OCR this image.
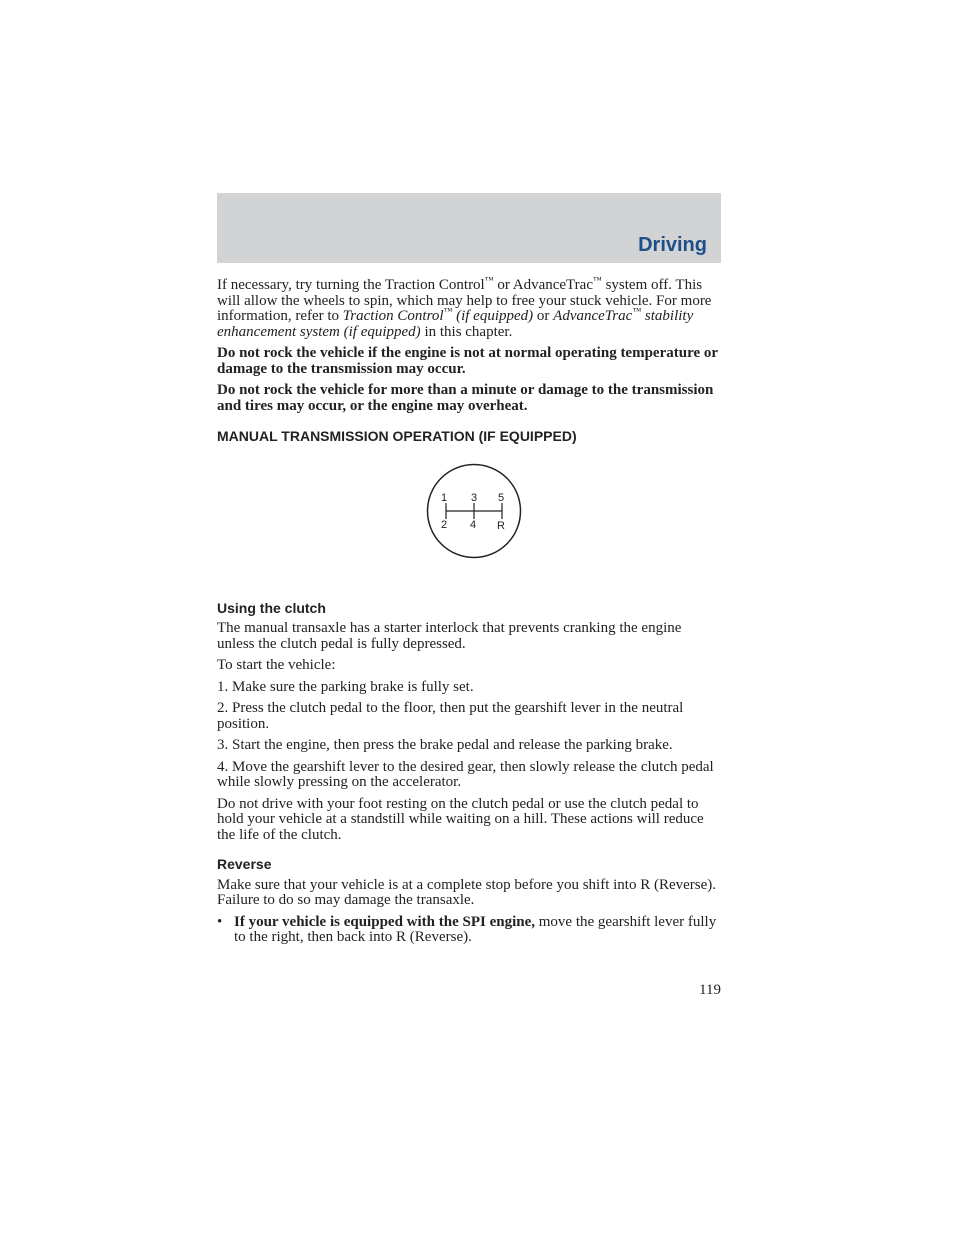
Driving

If necessary, try turning the Traction Control™ or AdvanceTrac™ system off. This will allow the wheels to spin, which may help to free your stuck vehicle. For more information, refer to Traction Control™ (if equipped) or AdvanceTrac™ stability enhancement system (if equipped) in this chapter.

Do not rock the vehicle if the engine is not at normal operating temperature or damage to the transmission may occur.

Do not rock the vehicle for more than a minute or damage to the transmission and tires may occur, or the engine may overheat.

MANUAL TRANSMISSION OPERATION (IF EQUIPPED)
1 3 5
2 4 R
Using the clutch

The manual transaxle has a starter interlock that prevents cranking the engine unless the clutch pedal is fully depressed.

To start the vehicle:

1. Make sure the parking brake is fully set.

2. Press the clutch pedal to the floor, then put the gearshift lever in the neutral position.

3. Start the engine, then press the brake pedal and release the parking brake.

4. Move the gearshift lever to the desired gear, then slowly release the clutch pedal while slowly pressing on the accelerator.

Do not drive with your foot resting on the clutch pedal or use the clutch pedal to hold your vehicle at a standstill while waiting on a hill. These actions will reduce the life of the clutch.

Reverse

Make sure that your vehicle is at a complete stop before you shift into R (Reverse). Failure to do so may damage the transaxle.

• If your vehicle is equipped with the SPI engine, move the gearshift lever fully to the right, then back into R (Reverse).

119
